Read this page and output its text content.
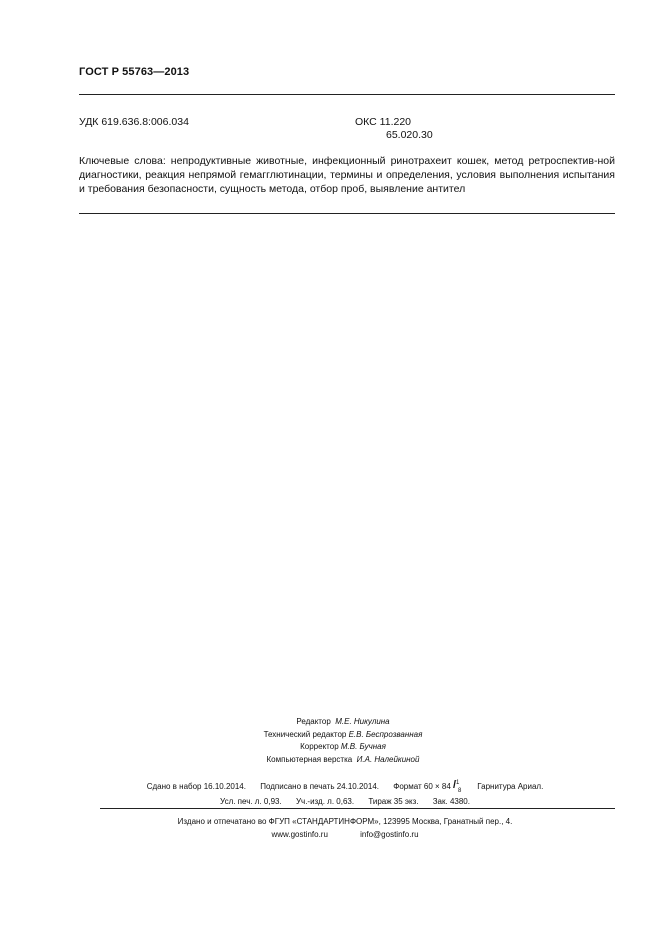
ГОСТ Р 55763—2013
УДК 619.636.8:006.034	ОКС 11.220
65.020.30
Ключевые слова: непродуктивные животные, инфекционный ринотрахеит кошек, метод ретроспектив-ной диагностики, реакция непрямой гемагглютинации, термины и определения, условия выполнения испытания и требования безопасности, сущность метода, отбор проб, выявление антител
Редактор М.Е. Никулина
Технический редактор Е.В. Беспрозванная
Корректор М.В. Бучная
Компьютерная верстка И.А. Налейкиной
Сдано в набор 16.10.2014. Подписано в печать 24.10.2014. Формат 60 × 84 1
/ 8 Гарнитура Ариал.
Усл. печ. л. 0,93. Уч.-изд. л. 0,63. Тираж 35 экз. Зак. 4380.
Издано и отпечатано во ФГУП «СТАНДАРТИНФОРМ», 123995 Москва, Гранатный пер., 4.
www.gostinfo.ru	info@gostinfo.ru
